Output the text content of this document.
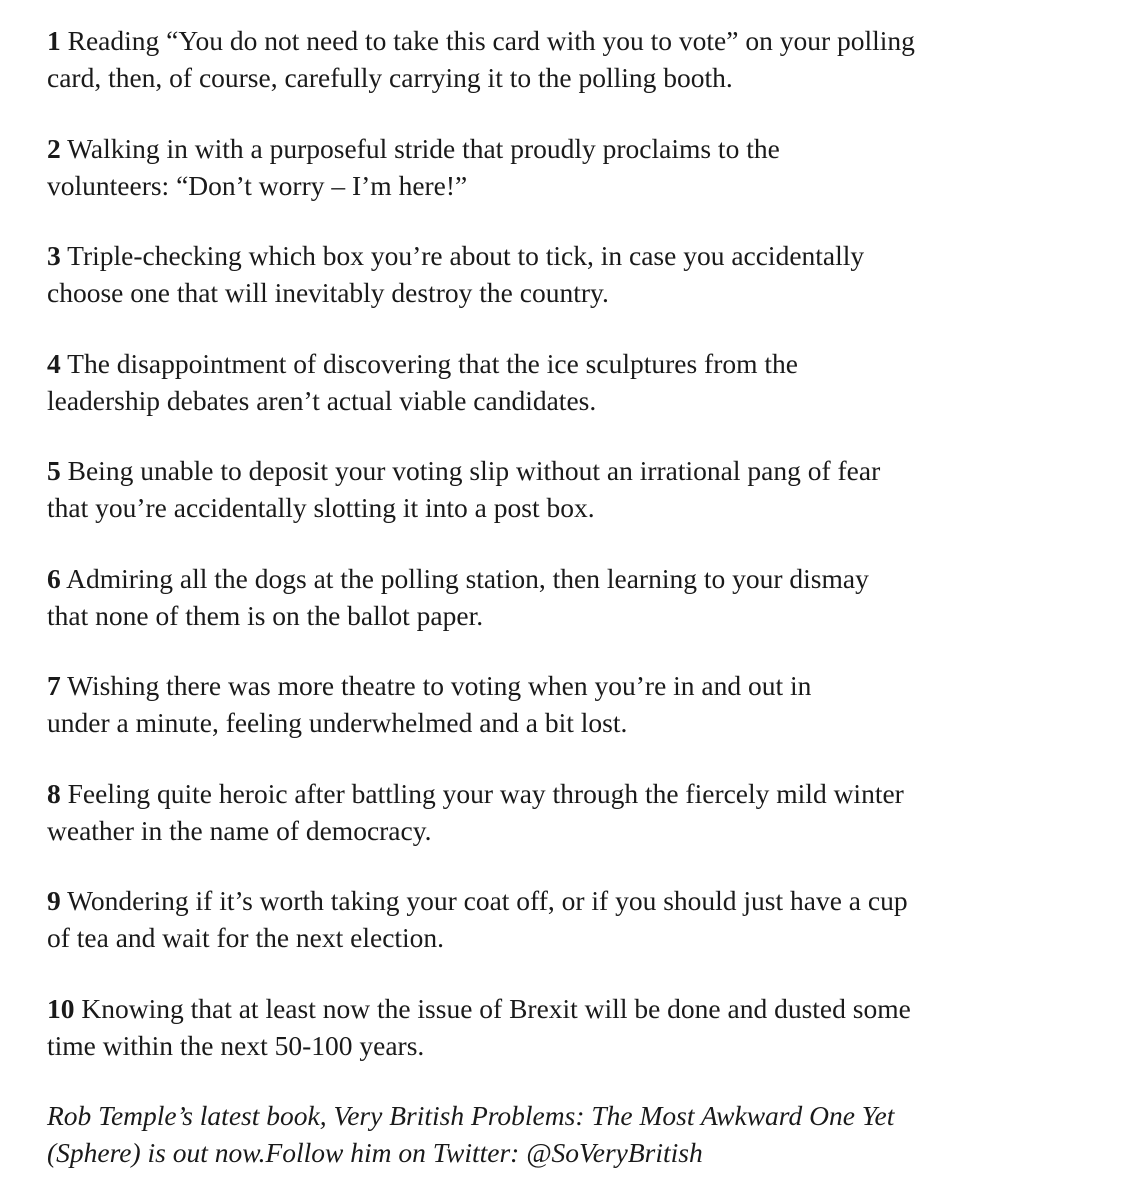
1 Reading “You do not need to take this card with you to vote” on your polling
card, then, of course, carefully carrying it to the polling booth.

2 Walking in with a purposeful stride that proudly proclaims to the
volunteers: “Don’t worry – I’m here!”

3 Triple-checking which box you’re about to tick, in case you accidentally
choose one that will inevitably destroy the country.

4 The disappointment of discovering that the ice sculptures from the
leadership debates aren’t actual viable candidates.

5 Being unable to deposit your voting slip without an irrational pang of fear
that you’re accidentally slotting it into a post box.

6 Admiring all the dogs at the polling station, then learning to your dismay
that none of them is on the ballot paper.

7 Wishing there was more theatre to voting when you’re in and out in
under a minute, feeling underwhelmed and a bit lost.

8 Feeling quite heroic after battling your way through the fiercely mild winter
weather in the name of democracy.

9 Wondering if it’s worth taking your coat off, or if you should just have a cup
of tea and wait for the next election.

10 Knowing that at least now the issue of Brexit will be done and dusted some
time within the next 50-100 years.

Rob Temple’s latest book, Very British Problems: The Most Awkward One Yet
(Sphere) is out now.Follow him on Twitter: @SoVeryBritish
